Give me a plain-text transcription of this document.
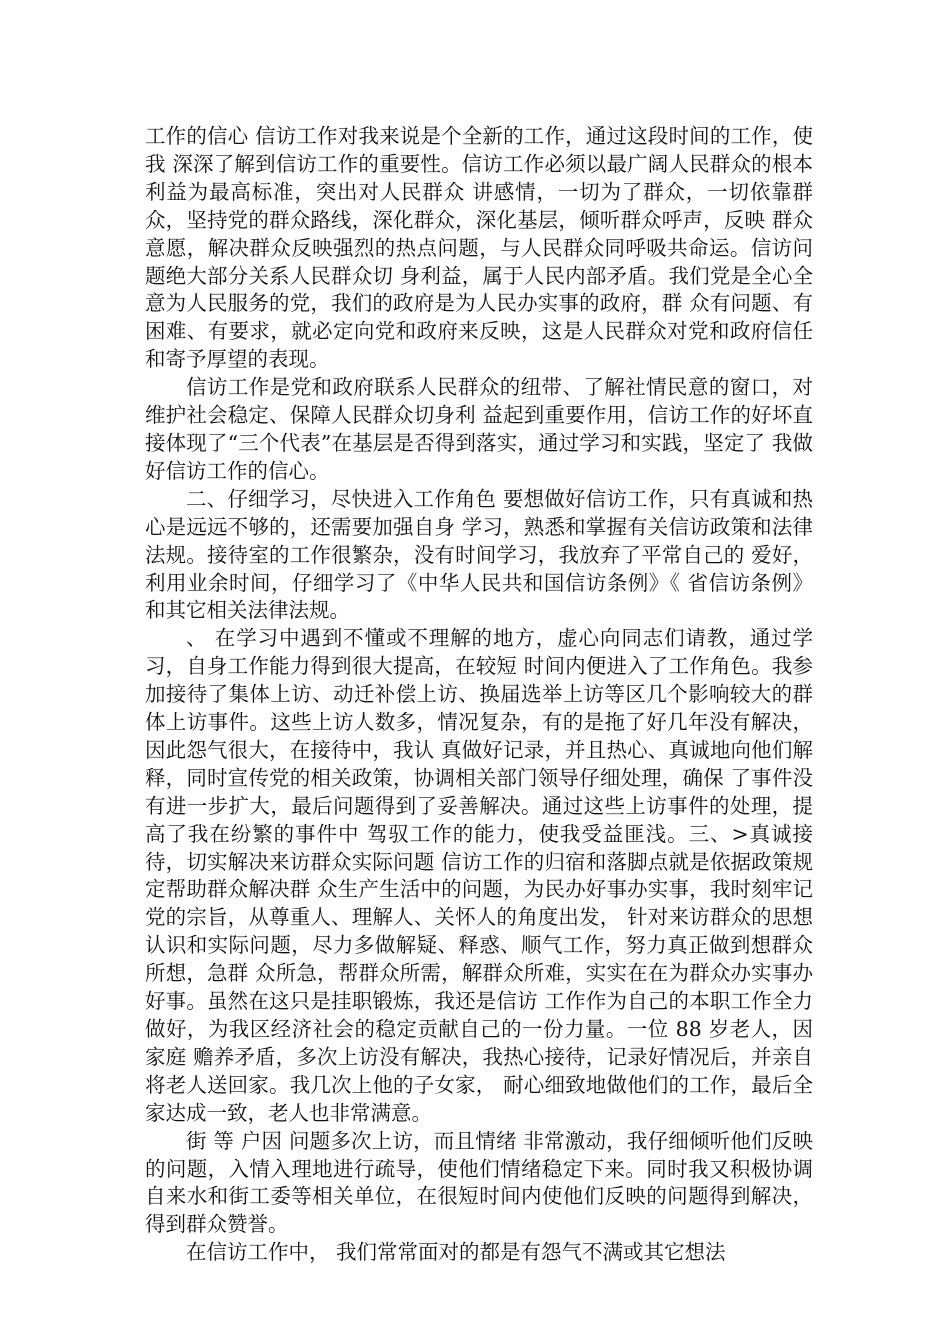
工作的信心 信访工作对我来说是个全新的工作，通过这段时间的工作，使我 深深了解到信访工作的重要性。信访工作必须以最广阔人民群众的根本利益为最高标准，突出对人民群众 讲感情，一切为了群众，一切依靠群众，坚持党的群众路线，深化群众，深化基层，倾听群众呼声，反映 群众意愿，解决群众反映强烈的热点问题，与人民群众同呼吸共命运。信访问题绝大部分关系人民群众切 身利益，属于人民内部矛盾。我们党是全心全意为人民服务的党，我们的政府是为人民办实事的政府，群 众有问题、有困难、有要求，就必定向党和政府来反映，这是人民群众对党和政府信任和寄予厚望的表现。

信访工作是党和政府联系人民群众的纽带、了解社情民意的窗口，对维护社会稳定、保障人民群众切身利 益起到重要作用，信访工作的好坏直接体现了“三个代表”在基层是否得到落实，通过学习和实践，坚定了 我做好信访工作的信心。

二、仔细学习，尽快进入工作角色 要想做好信访工作，只有真诚和热心是远远不够的，还需要加强自身 学习，熟悉和掌握有关信访政策和法律法规。接待室的工作很繁杂，没有时间学习，我放弃了平常自己的 爱好，利用业余时间，仔细学习了《中华人民共和国信访条例》《 省信访条例》和其它相关法律法规。

、 在学习中遇到不懂或不理解的地方，虚心向同志们请教，通过学习，自身工作能力得到很大提高，在较短 时间内便进入了工作角色。我参加接待了集体上访、动迁补偿上访、换届选举上访等区几个影响较大的群 体上访事件。这些上访人数多，情况复杂，有的是拖了好几年没有解决，因此怨气很大，在接待中，我认 真做好记录，并且热心、真诚地向他们解释，同时宣传党的相关政策，协调相关部门领导仔细处理，确保 了事件没有进一步扩大，最后问题得到了妥善解决。通过这些上访事件的处理，提高了我在纷繁的事件中 驾驭工作的能力，使我受益匪浅。三、>真诚接待，切实解决来访群众实际问题 信访工作的归宿和落脚点就是依据政策规定帮助群众解决群 众生产生活中的问题，为民办好事办实事，我时刻牢记党的宗旨，从尊重人、理解人、关怀人的角度出发， 针对来访群众的思想认识和实际问题，尽力多做解疑、释惑、顺气工作，努力真正做到想群众所想，急群 众所急，帮群众所需，解群众所难，实实在在为群众办实事办好事。虽然在这只是挂职锻炼，我还是信访 工作作为自己的本职工作全力做好，为我区经济社会的稳定贡献自己的一份力量。一位 88 岁老人，因家庭 赡养矛盾，多次上访没有解决，我热心接待，记录好情况后，并亲自将老人送回家。我几次上他的子女家， 耐心细致地做他们的工作，最后全家达成一致，老人也非常满意。

街 等 户因 问题多次上访，而且情绪 非常激动，我仔细倾听他们反映的问题，入情入理地进行疏导，使他们情绪稳定下来。同时我又积极协调 自来水和街工委等相关单位，在很短时间内使他们反映的问题得到解决，得到群众赞誉。

在信访工作中， 我们常常面对的都是有怨气不满或其它想法
